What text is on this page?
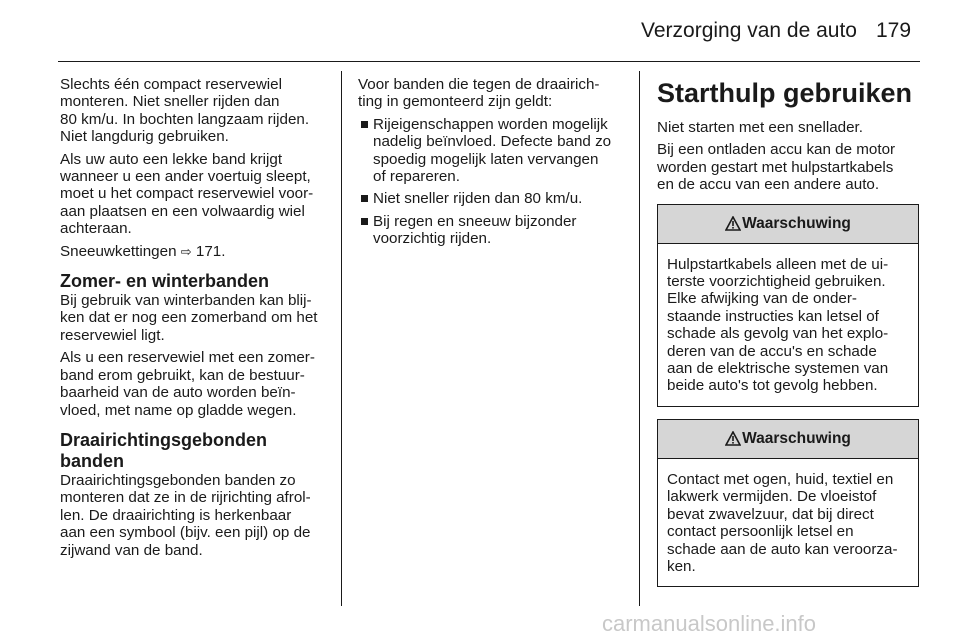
Verzorging van de auto 179

Slechts één compact reservewiel
monteren. Niet sneller rijden dan
80 km/u. In bochten langzaam rijden.
Niet langdurig gebruiken.

Als uw auto een lekke band krijgt
wanneer u een ander voertuig sleept,
moet u het compact reservewiel voor-
aan plaatsen en een volwaardig wiel
achteraan.

Sneeuwkettingen ⇨ 171.

Zomer- en winterbanden

Bij gebruik van winterbanden kan blij-
ken dat er nog een zomerband om het
reservewiel ligt.

Als u een reservewiel met een zomer-
band erom gebruikt, kan de bestuur-
baarheid van de auto worden beïn-
vloed, met name op gladde wegen.

Draairichtingsgebonden
banden

Draairichtingsgebonden banden zo
monteren dat ze in de rijrichting afrol-
len. De draairichting is herkenbaar
aan een symbool (bijv. een pijl) op de
zijwand van de band.

Voor banden die tegen de draairich-
ting in gemonteerd zijn geldt:

Rijeigenschappen worden mogelijk
nadelig beïnvloed. Defecte band zo
spoedig mogelijk laten vervangen
of repareren.
Niet sneller rijden dan 80 km/u.
Bij regen en sneeuw bijzonder
voorzichtig rijden.
Starthulp gebruiken

Niet starten met een snellader.

Bij een ontladen accu kan de motor
worden gestart met hulpstartkabels
en de accu van een andere auto.

Waarschuwing
Hulpstartkabels alleen met de ui-
terste voorzichtigheid gebruiken.
Elke afwijking van de onder-
staande instructies kan letsel of
schade als gevolg van het explo-
deren van de accu's en schade
aan de elektrische systemen van
beide auto's tot gevolg hebben.
Waarschuwing
Contact met ogen, huid, textiel en
lakwerk vermijden. De vloeistof
bevat zwavelzuur, dat bij direct
contact persoonlijk letsel en
schade aan de auto kan veroorza-
ken.
carmanualsonline.info
